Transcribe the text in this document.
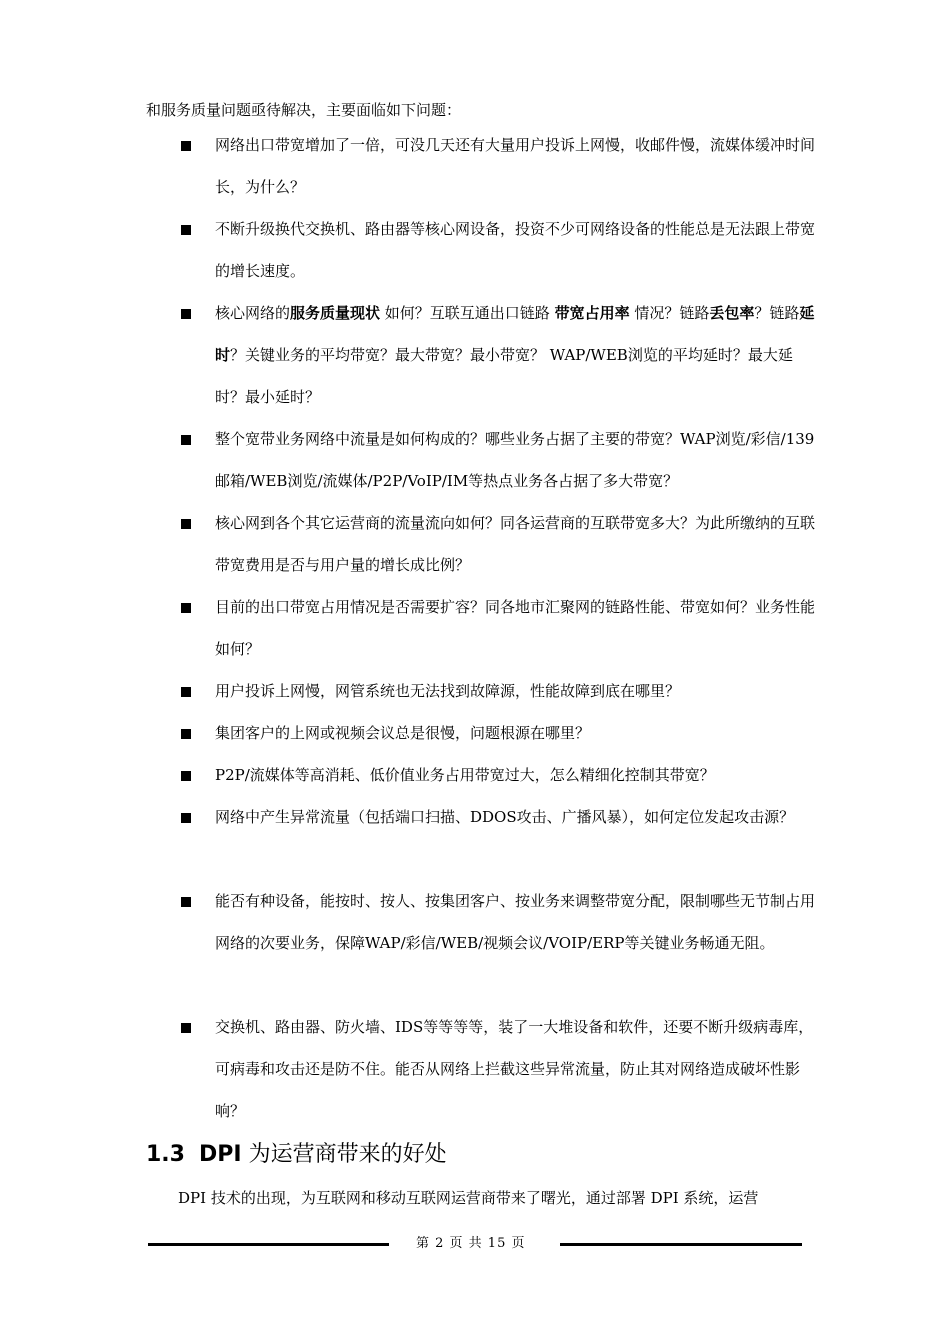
和服务质量问题亟待解决，主要面临如下问题：

网络出口带宽增加了一倍，可没几天还有大量用户投诉上网慢，收邮件慢，流媒体缓冲时间长，为什么？
不断升级换代交换机、路由器等核心网设备，投资不少可网络设备的性能总是无法跟上带宽的增长速度。
核心网络的服务质量现状 如何？互联互通出口链路 带宽占用率 情况？链路丢包率？链路延时？关键业务的平均带宽？最大带宽？最小带宽？ WAP/WEB浏览的平均延时？最大延时？最小延时？
整个宽带业务网络中流量是如何构成的？哪些业务占据了主要的带宽？WAP浏览/彩信/139邮箱/WEB浏览/流媒体/P2P/VoIP/IM等热点业务各占据了多大带宽？
核心网到各个其它运营商的流量流向如何？同各运营商的互联带宽多大？为此所缴纳的互联带宽费用是否与用户量的增长成比例？
目前的出口带宽占用情况是否需要扩容？同各地市汇聚网的链路性能、带宽如何？业务性能如何？
用户投诉上网慢，网管系统也无法找到故障源，性能故障到底在哪里？
集团客户的上网或视频会议总是很慢，问题根源在哪里？
P2P/流媒体等高消耗、低价值业务占用带宽过大，怎么精细化控制其带宽？
网络中产生异常流量（包括端口扫描、DDOS攻击、广播风暴），如何定位发起攻击源？
能否有种设备，能按时、按人、按集团客户、按业务来调整带宽分配，限制哪些无节制占用网络的次要业务，保障WAP/彩信/WEB/视频会议/VOIP/ERP等关键业务畅通无阻。
交换机、路由器、防火墙、IDS等等等等，装了一大堆设备和软件，还要不断升级病毒库，可病毒和攻击还是防不住。能否从网络上拦截这些异常流量，防止其对网络造成破坏性影响？
1.3 DPI 为运营商带来的好处

DPI 技术的出现，为互联网和移动互联网运营商带来了曙光，通过部署 DPI 系统，运营

第 2 页 共 15 页
